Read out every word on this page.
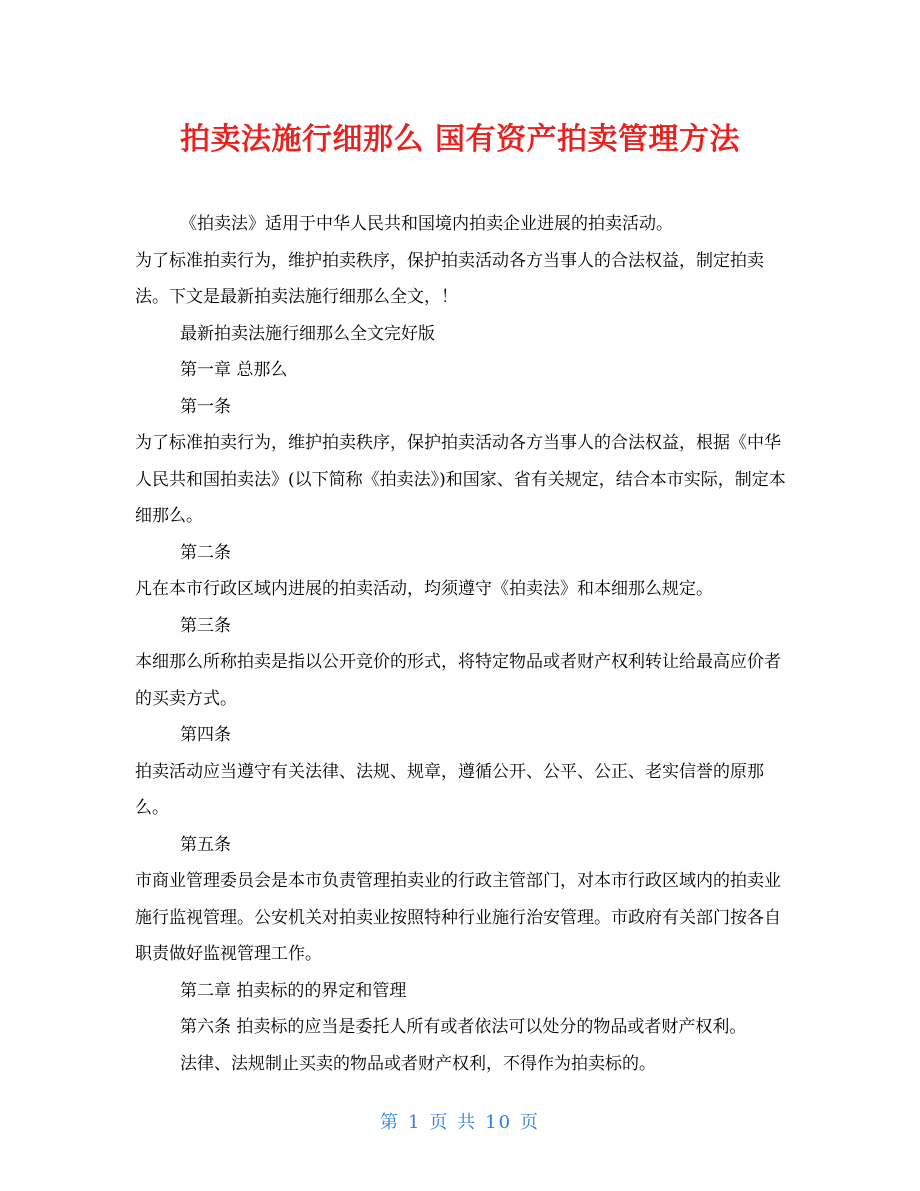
拍卖法施行细那么 国有资产拍卖管理方法

《拍卖法》适用于中华人民共和国境内拍卖企业进展的拍卖活动。

为了标准拍卖行为，维护拍卖秩序，保护拍卖活动各方当事人的合法权益，制定拍卖法。下文是最新拍卖法施行细那么全文，！

最新拍卖法施行细那么全文完好版

第一章 总那么

第一条

为了标准拍卖行为，维护拍卖秩序，保护拍卖活动各方当事人的合法权益，根据《中华人民共和国拍卖法》(以下简称《拍卖法》)和国家、省有关规定，结合本市实际，制定本细那么。

第二条

凡在本市行政区域内进展的拍卖活动，均须遵守《拍卖法》和本细那么规定。

第三条

本细那么所称拍卖是指以公开竞价的形式，将特定物品或者财产权利转让给最高应价者的买卖方式。

第四条

拍卖活动应当遵守有关法律、法规、规章，遵循公开、公平、公正、老实信誉的原那么。

第五条

市商业管理委员会是本市负责管理拍卖业的行政主管部门，对本市行政区域内的拍卖业施行监视管理。公安机关对拍卖业按照特种行业施行治安管理。市政府有关部门按各自职责做好监视管理工作。

第二章 拍卖标的的界定和管理

第六条 拍卖标的应当是委托人所有或者依法可以处分的物品或者财产权利。

法律、法规制止买卖的物品或者财产权利，不得作为拍卖标的。

第 1 页 共 10 页
